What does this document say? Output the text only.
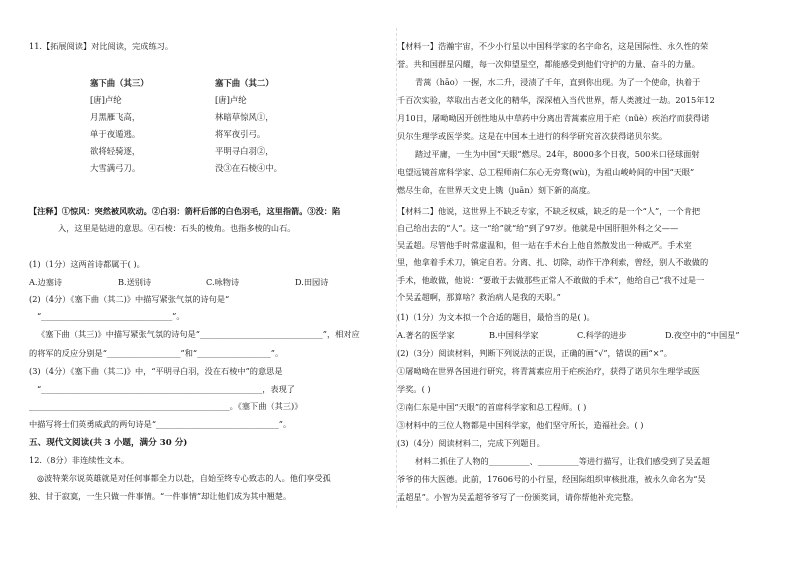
11.【拓展阅读】对比阅读，完成练习。

塞下曲（其三）

[唐]卢纶

月黑雁飞高，

单于夜遁逃。

欲将轻骑逐，

大雪满弓刀。

塞下曲（其二）

[唐]卢纶

林暗草惊风①，

将军夜引弓。

平明寻白羽②，

没③在石棱④中。

【注释】①惊风：突然被风吹动。②白羽：箭杆后部的白色羽毛，这里指箭。③没：陷

入，这里是钻进的意思。④石棱：石头的棱角。也指多棱的山石。

(1)（1分）这两首诗都属于( )。

A.边塞诗	B.送别诗	C.咏物诗	D.田园诗

(2)（4分）《塞下曲（其二)》中描写紧张气氛的诗句是“

“________________________________”。

《塞下曲（其三)》中描写紧张气氛的诗句是“______________________________”，相对应

的将军的反应分别是“__________________”和“__________________”。

(3)（4分）《塞下曲（其二)》中，“平明寻白羽，没在石棱中”的意思是

“______________________________________________________，表现了

_________________________________________________。《塞下曲（其三)》

中描写将士们英勇威武的两句诗是“______________________________”。

五、现代文阅读(共 3 小题，满分 30 分)

12.（8分）非连续性文本。

◎波特莱尔说英雄就是对任何事都全力以赴，自始至终专心致志的人。他们享受孤

独、甘于寂寞，一生只做一件事情。“一件事情”却让他们成为其中翘楚。

【材料一】浩瀚宇宙，不少小行星以中国科学家的名字命名，这是国际性、永久性的荣

誉。共和国群星闪耀，每一次仰望星空，都能感受到他们守护的力量、奋斗的力量。

青蒿（hāo）一握，水二升，浸渍了千年，直到你出现。为了一个使命，执着于

千百次实验，萃取出古老文化的精华，深深植入当代世界，帮人类渡过一劫。2015年12

月10日，屠呦呦因开创性地从中草药中分离出青蒿素应用于疟（nüè）疾治疗而获得诺

贝尔生理学或医学奖。这是在中国本土进行的科学研究首次获得诺贝尔奖。

踏过平庸，一生为中国“天眼”燃尽。24年，8000多个日夜，500米口径球面射

电望远镜首席科学家、总工程师南仁东心无旁骛(wù)，为祖山峻岭间的中国“天眼”

燃尽生命，在世界天文史上镌（juān）刻下新的高度。

【材料二】他说，这世界上不缺乏专家，不缺乏权威，缺乏的是一个“人”，一个肯把

自己给出去的“人”。这一“给”就“给”到了97岁。他就是中国肝胆外科之父——

吴孟超。尽管他手时常虚温和，但一站在手术台上他自然散发出一种威严。手术室

里，他拿着手术刀，镇定自若。分离、扎、切除，动作干净利索，曾经，别人不敢做的

手术，他敢做，他说：“要敢于去做那些正常人不敢做的手术”，他给自己“我不过是一

个吴孟超啊，那算啥？救治病人是我的天职。”

(1)（1分）为文本拟一个合适的题目，最恰当的是( )。

A.著名的医学家	B.中国科学家	C.科学的进步	D.夜空中的“中国星”

(2)（3分）阅读材料，判断下列说法的正误，正确的画“√”，错误的画“×”。

①屠呦呦在世界各国进行研究，将青蒿素应用于疟疾治疗，获得了诺贝尔生理学或医

学奖。( )

②南仁东是中国“天眼”的首席科学家和总工程师。( )

③材料中的三位人物都是中国科学家，他们坚守所长，造福社会。( )

(3)（4分）阅读材料二，完成下列题目。

材料二抓住了人物的__________、__________等进行描写，让我们感受到了吴孟超

爷爷的伟大医德。此前，17606号的小行星，经国际组织审核批准，被永久命名为“吴

孟超星”。小智为吴孟超爷爷写了一份颁奖词，请你帮他补充完整。
